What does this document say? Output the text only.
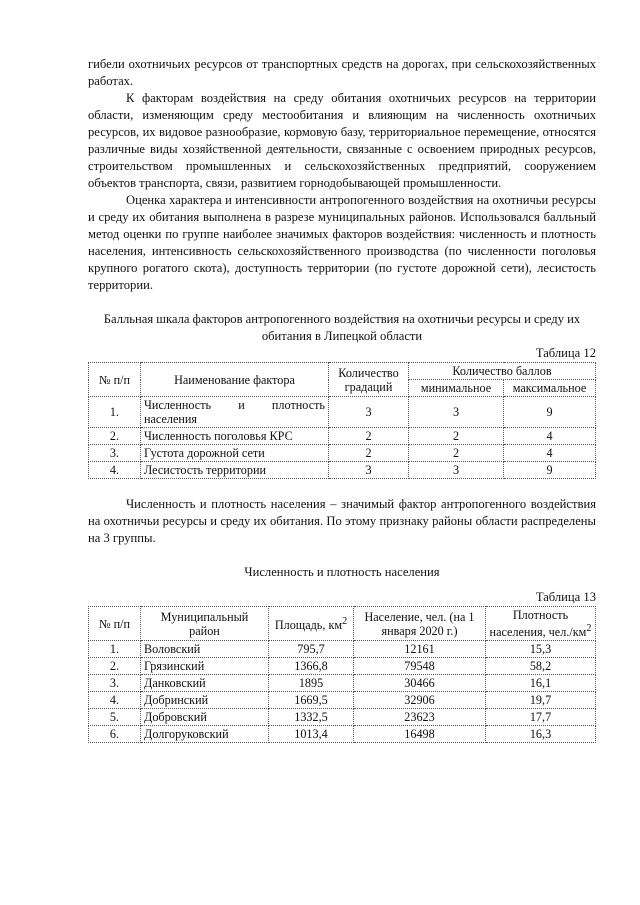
гибели охотничьих ресурсов от транспортных средств на дорогах, при сельскохозяйственных работах.

К факторам воздействия на среду обитания охотничьих ресурсов на территории области, изменяющим среду местообитания и влияющим на численность охотничьих ресурсов, их видовое разнообразие, кормовую базу, территориальное перемещение, относятся различные виды хозяйственной деятельности, связанные с освоением природных ресурсов, строительством промышленных и сельскохозяйственных предприятий, сооружением объектов транспорта, связи, развитием горнодобывающей промышленности.

Оценка характера и интенсивности антропогенного воздействия на охотничьи ресурсы и среду их обитания выполнена в разрезе муниципальных районов. Использовался балльный метод оценки по группе наиболее значимых факторов воздействия: численность и плотность населения, интенсивность сельскохозяйственного производства (по численности поголовья крупного рогатого скота), доступность территории (по густоте дорожной сети), лесистость территории.

Балльная шкала факторов антропогенного воздействия на охотничьи ресурсы и среду их обитания в Липецкой области

Таблица 12

№ п/п	Наименование фактора	Количество градаций	Количество баллов	
			минимальное	максимальное
1.	Численность и плотность населения	3	3	9
2.	Численность поголовья КРС	2	2	4
3.	Густота дорожной сети	2	2	4
4.	Лесистость территории	3	3	9

Численность и плотность населения – значимый фактор антропогенного воздействия на охотничьи ресурсы и среду их обитания. По этому признаку районы области распределены на 3 группы.

Численность и плотность населения

Таблица 13

№ п/п	Муниципальный район	Площадь, $км^2$	Население, чел. (на 1 января 2020 г.)	Плотность населения, $чел./км^2$
1.	Воловский	795,7	12161	15,3
2.	Грязинский	1366,8	79548	58,2
3.	Данковский	1895	30466	16,1
4.	Добринский	1669,5	32906	19,7
5.	Добровский	1332,5	23623	17,7
6.	Долгоруковский	1013,4	16498	16,3
